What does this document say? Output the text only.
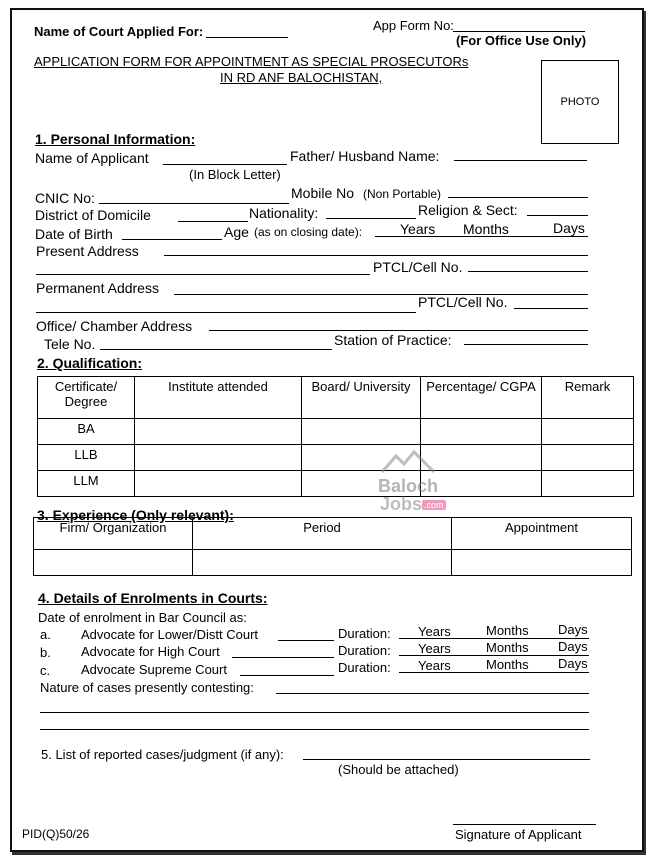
Name of Court Applied For:	App Form No:
(For Office Use Only)
APPLICATION FORM FOR APPOINTMENT AS SPECIAL PROSECUTORs
IN RD ANF BALOCHISTAN,
PHOTO
1. Personal Information:
Name of Applicant	Father/ Husband Name:
(In Block Letter)
CNIC No:	Mobile No (Non Portable)
District of Domicile	Nationality:	Religion & Sect:
Date of Birth	Age (as on closing date):	Years Months	Days
Present Address
PTCL/Cell No.
Permanent Address
PTCL/Cell No.
Office/ Chamber Address
Tele No.	Station of Practice:
2. Qualification:
Certificate/ Degree	Institute attended	Board/ University	Percentage/ CGPA	Remark
BA				
LLB				
LLM					Baloch
Jobs .com
3. Experience (Only relevant):
Firm/ Organization	Period	Appointment

4. Details of Enrolments in Courts:
Date of enrolment in Bar Council as:
a. Advocate for Lower/Distt Court	Duration: Years	Months Days
b. Advocate for High Court	Duration: Years	Months Days
c. Advocate Supreme Court	Duration: Years	Months Days
Nature of cases presently contesting:
5. List of reported cases/judgment (if any):
(Should be attached)
PID(Q)50/26	Signature of Applicant
